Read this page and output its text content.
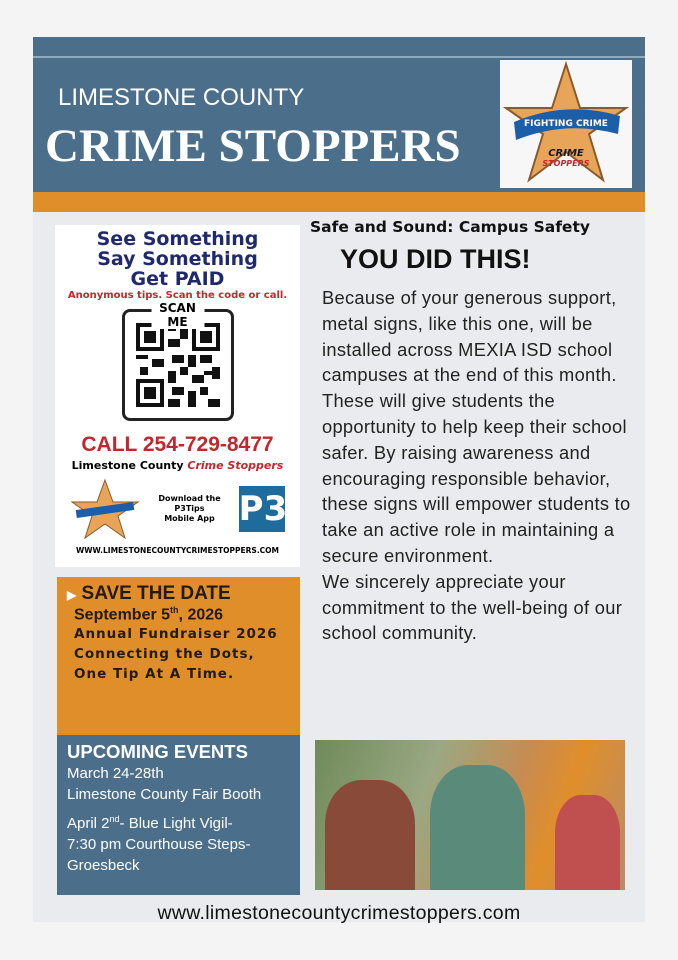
LIMESTONE COUNTY
CRIME STOPPERS	FIGHTING CRIME
CRIME
STOPPERS
See Something
Say Something
Get PAID
Anonymous tips. Scan the code or call.
SCAN ME
CALL 254-729-8477
Limestone County Crime Stoppers
Download the
P3Tips
Mobile App P3
WWW.LIMESTONECOUNTYCRIMESTOPPERS.COM
▶ SAVE THE DATE
September 5th, 2026
Annual Fundraiser 2026
Connecting the Dots, One Tip At A Time.
UPCOMING EVENTS
March 24-28th
Limestone County Fair Booth
April 2nd- Blue Light Vigil-
7:30 pm Courthouse Steps-Groesbeck
Safe and Sound: Campus Safety
YOU DID THIS!
Because of your generous support, metal signs, like this one, will be installed across MEXIA ISD school campuses at the end of this month. These will give students the opportunity to help keep their school safer. By raising awareness and encouraging responsible behavior, these signs will empower students to take an active role in maintaining a secure environment.
We sincerely appreciate your commitment to the well-being of our school community.
www.limestonecountycrimestoppers.com
